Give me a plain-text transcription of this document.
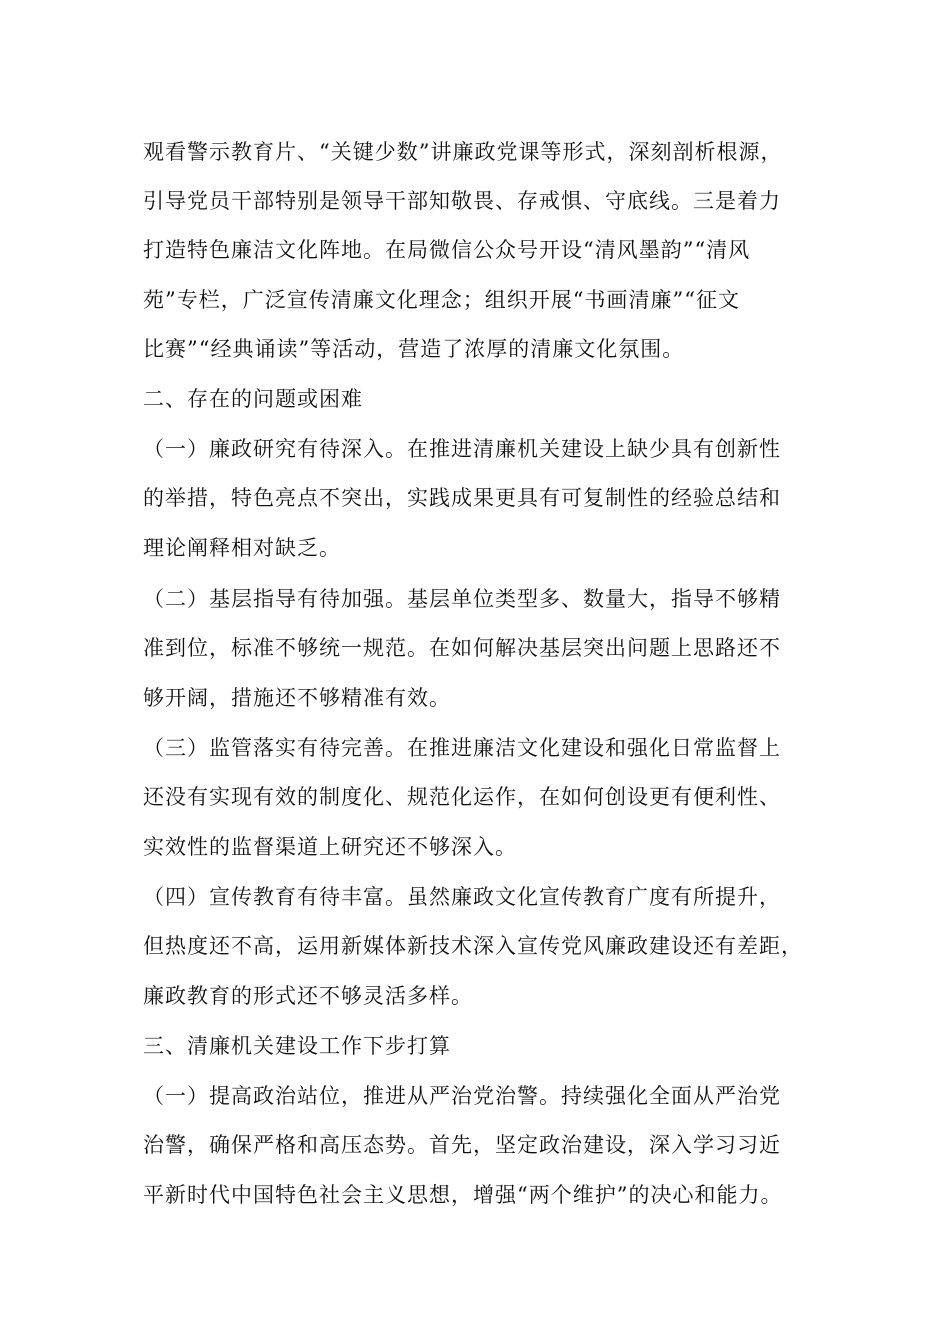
观看警示教育片、“关键少数”讲廉政党课等形式，深刻剖析根源，
引导党员干部特别是领导干部知敬畏、存戒惧、守底线。三是着力
打造特色廉洁文化阵地。在局微信公众号开设“清风墨韵”“清风
苑”专栏，广泛宣传清廉文化理念；组织开展“书画清廉”“征文
比赛”“经典诵读”等活动，营造了浓厚的清廉文化氛围。
二、存在的问题或困难
（一）廉政研究有待深入。在推进清廉机关建设上缺少具有创新性
的举措，特色亮点不突出，实践成果更具有可复制性的经验总结和
理论阐释相对缺乏。
（二）基层指导有待加强。基层单位类型多、数量大，指导不够精
准到位，标准不够统一规范。在如何解决基层突出问题上思路还不
够开阔，措施还不够精准有效。
（三）监管落实有待完善。在推进廉洁文化建设和强化日常监督上
还没有实现有效的制度化、规范化运作，在如何创设更有便利性、
实效性的监督渠道上研究还不够深入。
（四）宣传教育有待丰富。虽然廉政文化宣传教育广度有所提升，
但热度还不高，运用新媒体新技术深入宣传党风廉政建设还有差距，
廉政教育的形式还不够灵活多样。
三、清廉机关建设工作下步打算
（一）提高政治站位，推进从严治党治警。持续强化全面从严治党
治警，确保严格和高压态势。首先，坚定政治建设，深入学习习近
平新时代中国特色社会主义思想，增强“两个维护”的决心和能力。
